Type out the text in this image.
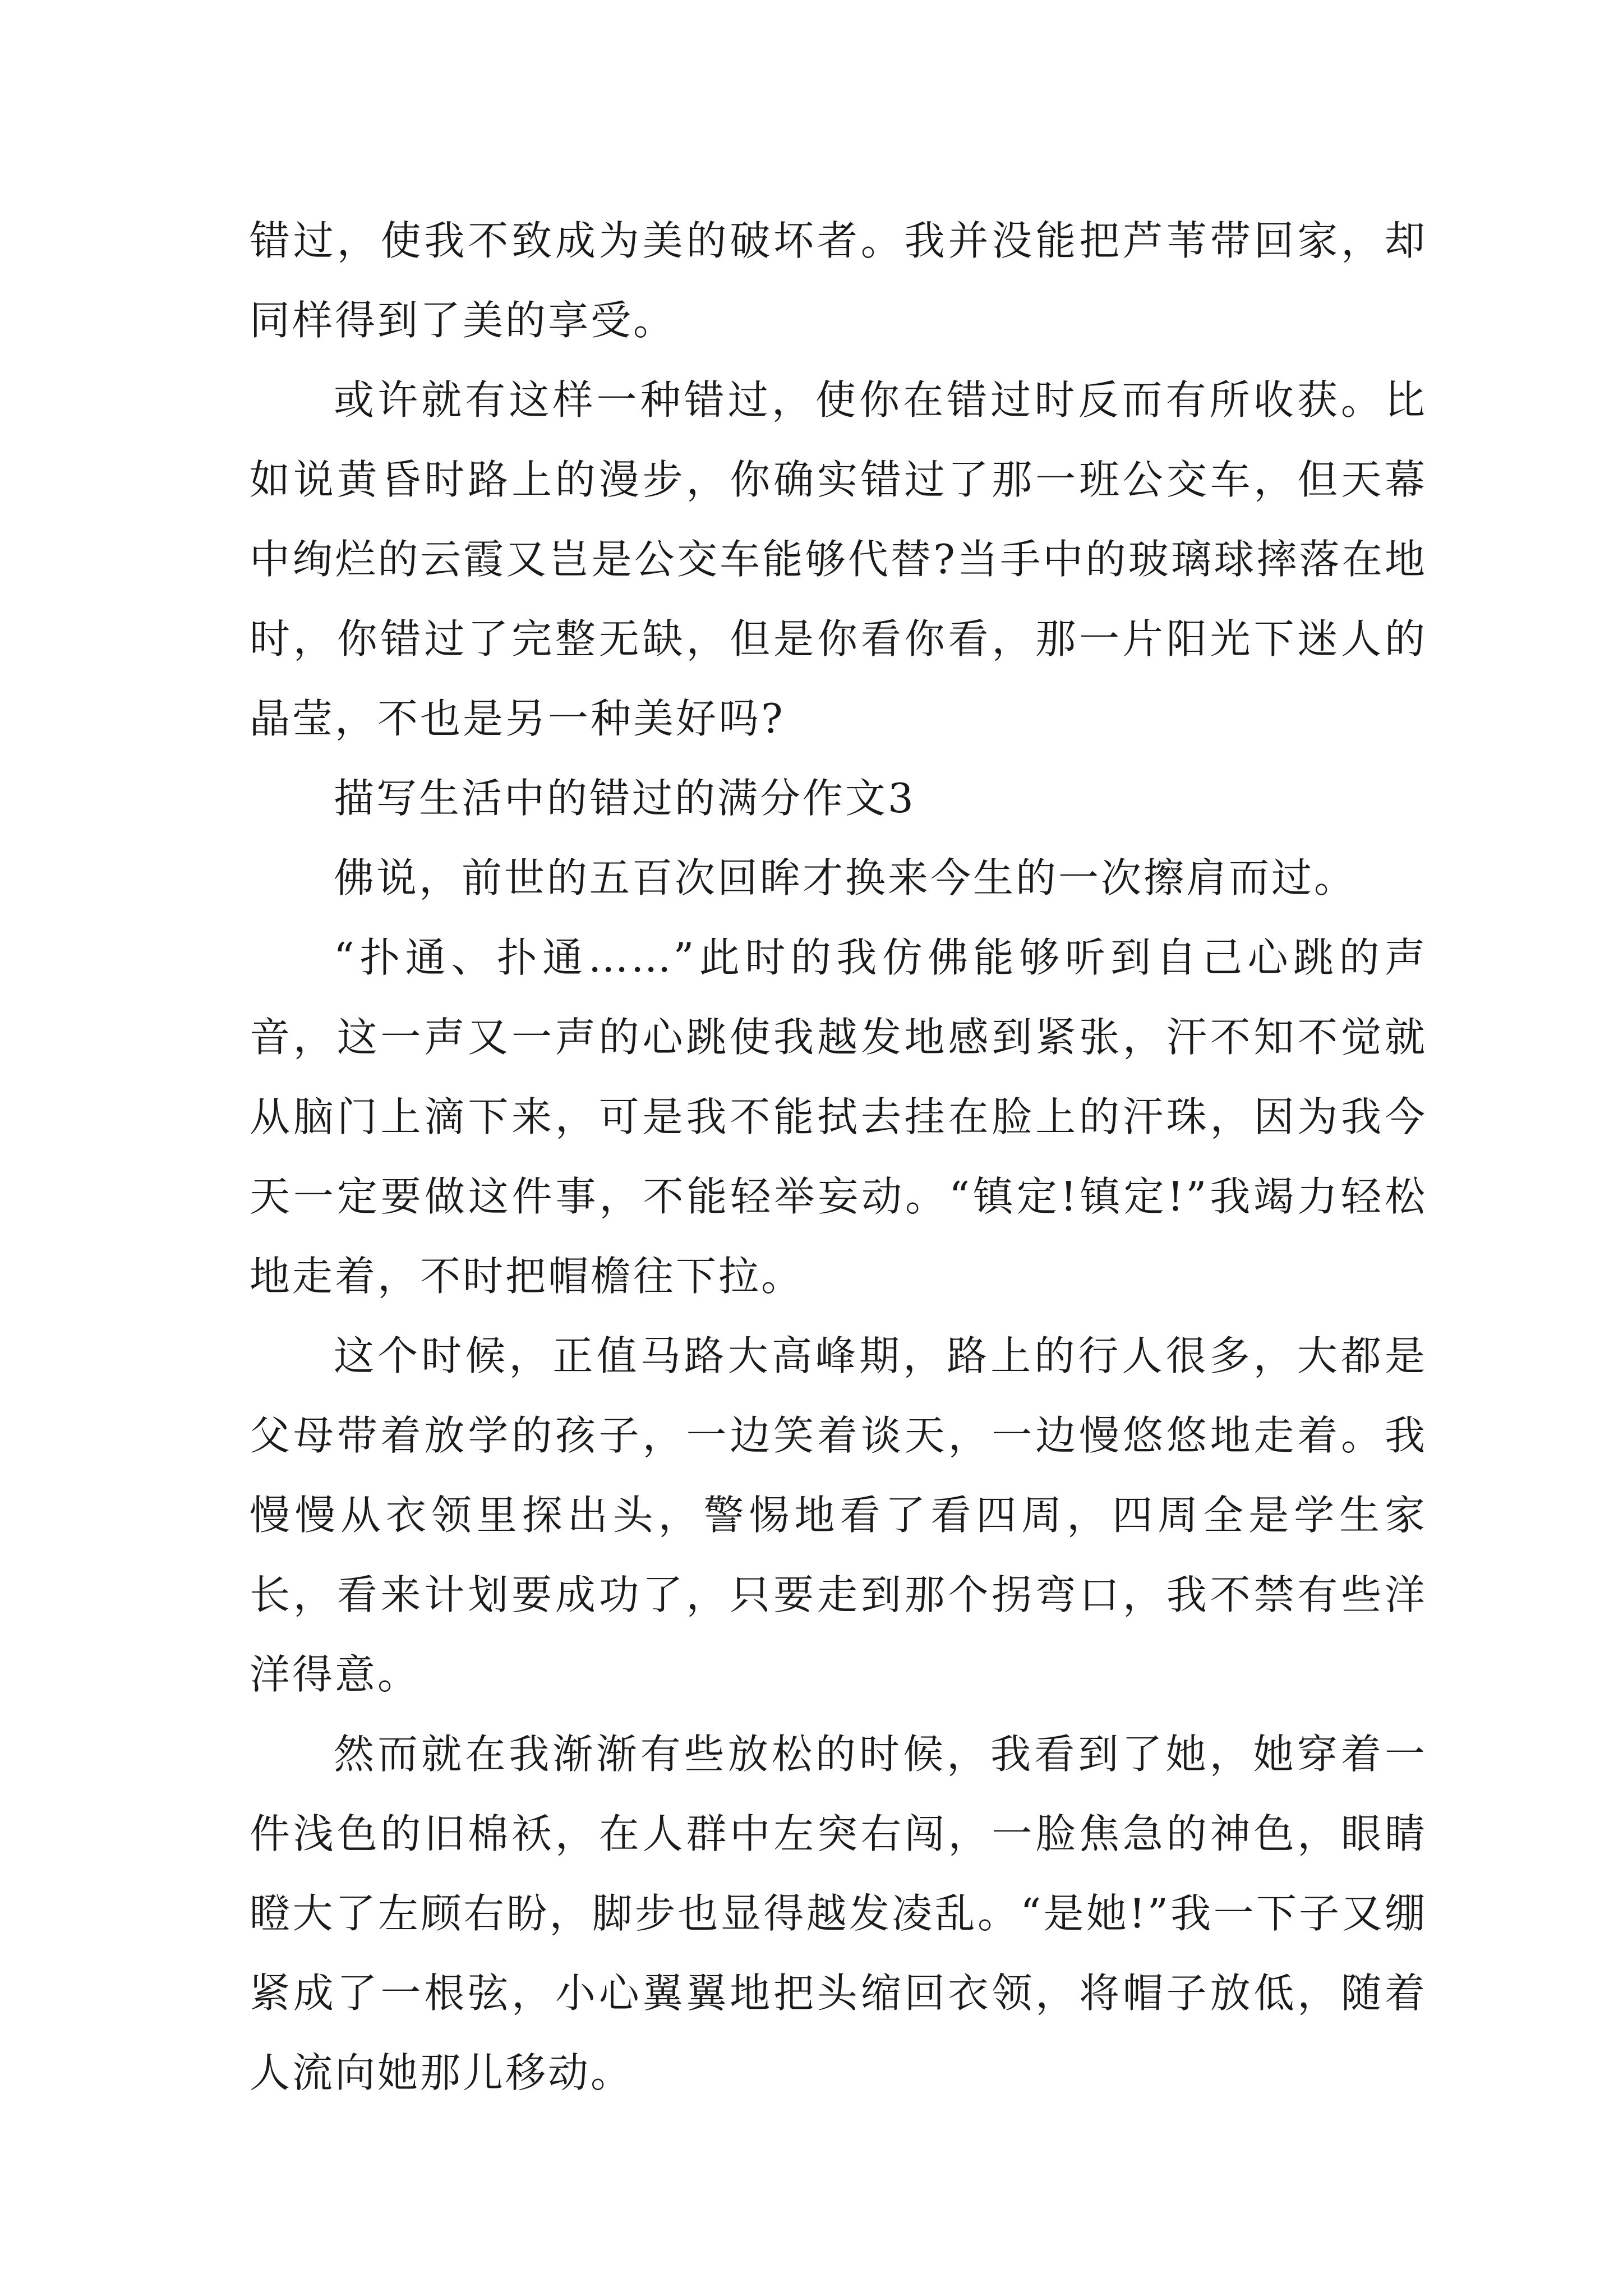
错过，使我不致成为美的破坏者。我并没能把芦苇带回家，却同样得到了美的享受。

或许就有这样一种错过，使你在错过时反而有所收获。比如说黄昏时路上的漫步，你确实错过了那一班公交车，但天幕中绚烂的云霞又岂是公交车能够代替?当手中的玻璃球摔落在地时，你错过了完整无缺，但是你看你看，那一片阳光下迷人的晶莹，不也是另一种美好吗?

描写生活中的错过的满分作文3

佛说，前世的五百次回眸才换来今生的一次擦肩而过。

“扑通、扑通……”此时的我仿佛能够听到自己心跳的声音，这一声又一声的心跳使我越发地感到紧张，汗不知不觉就从脑门上滴下来，可是我不能拭去挂在脸上的汗珠，因为我今天一定要做这件事，不能轻举妄动。“镇定!镇定!”我竭力轻松地走着，不时把帽檐往下拉。

这个时候，正值马路大高峰期，路上的行人很多，大都是父母带着放学的孩子，一边笑着谈天，一边慢悠悠地走着。我慢慢从衣领里探出头，警惕地看了看四周，四周全是学生家长，看来计划要成功了，只要走到那个拐弯口，我不禁有些洋洋得意。

然而就在我渐渐有些放松的时候，我看到了她，她穿着一件浅色的旧棉袄，在人群中左突右闯，一脸焦急的神色，眼睛瞪大了左顾右盼，脚步也显得越发凌乱。“是她!”我一下子又绷紧成了一根弦，小心翼翼地把头缩回衣领，将帽子放低，随着人流向她那儿移动。
